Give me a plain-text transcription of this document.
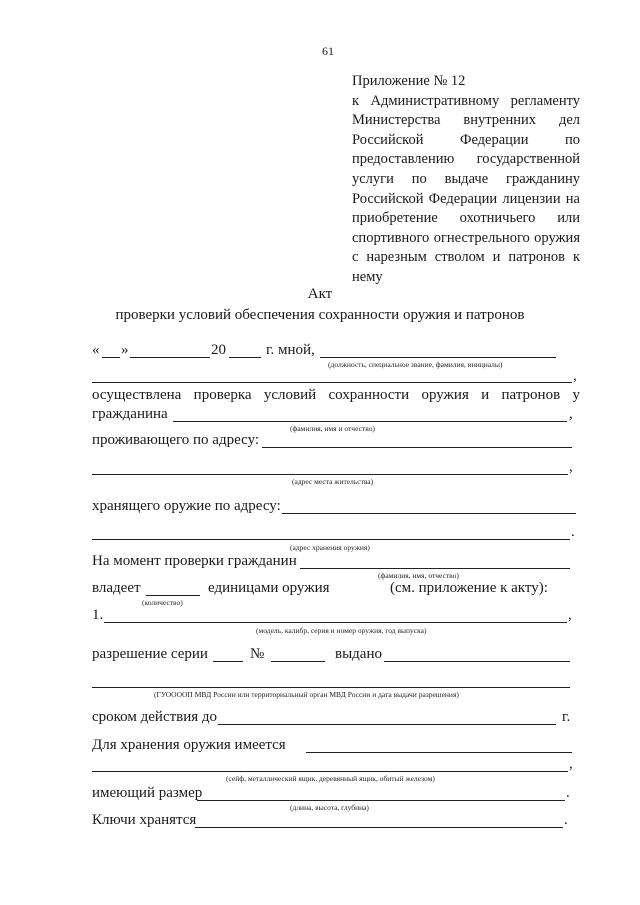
61
Приложение № 12
к Административному регламенту Министерства внутренних дел Российской Федерации по предоставлению государственной услуги по выдаче гражданину Российской Федерации лицензии на приобретение охотничьего или спортивного огнестрельного оружия с нарезным стволом и патронов к нему
Акт
проверки условий обеспечения сохранности оружия и патронов
« »	20	г. мной,
(должность, специальное звание, фамилия, инициалы)
,
осуществлена проверка условий сохранности оружия и патронов у
гражданина	,
(фамилия, имя и отчество)
проживающего по адресу:
,
(адрес места жительства)
хранящего оружие по адресу:
.
(адрес хранения оружия)
На момент проверки гражданин
(фамилия, имя, отчество)
владеет	единицами оружия	(см. приложение к акту):
(количество)
1.	,
(модель, калибр, серия и номер оружия, год выпуска)
разрешение серии	№	выдано
(ГУООООП МВД России или территориальный орган МВД России и дата выдачи разрешения)
сроком действия до	г.
Для хранения оружия имеется
,
(сейф, металлический ящик, деревянный ящик, обитый железом)
имеющий размер	.
(длина, высота, глубина)
Ключи хранятся	.
